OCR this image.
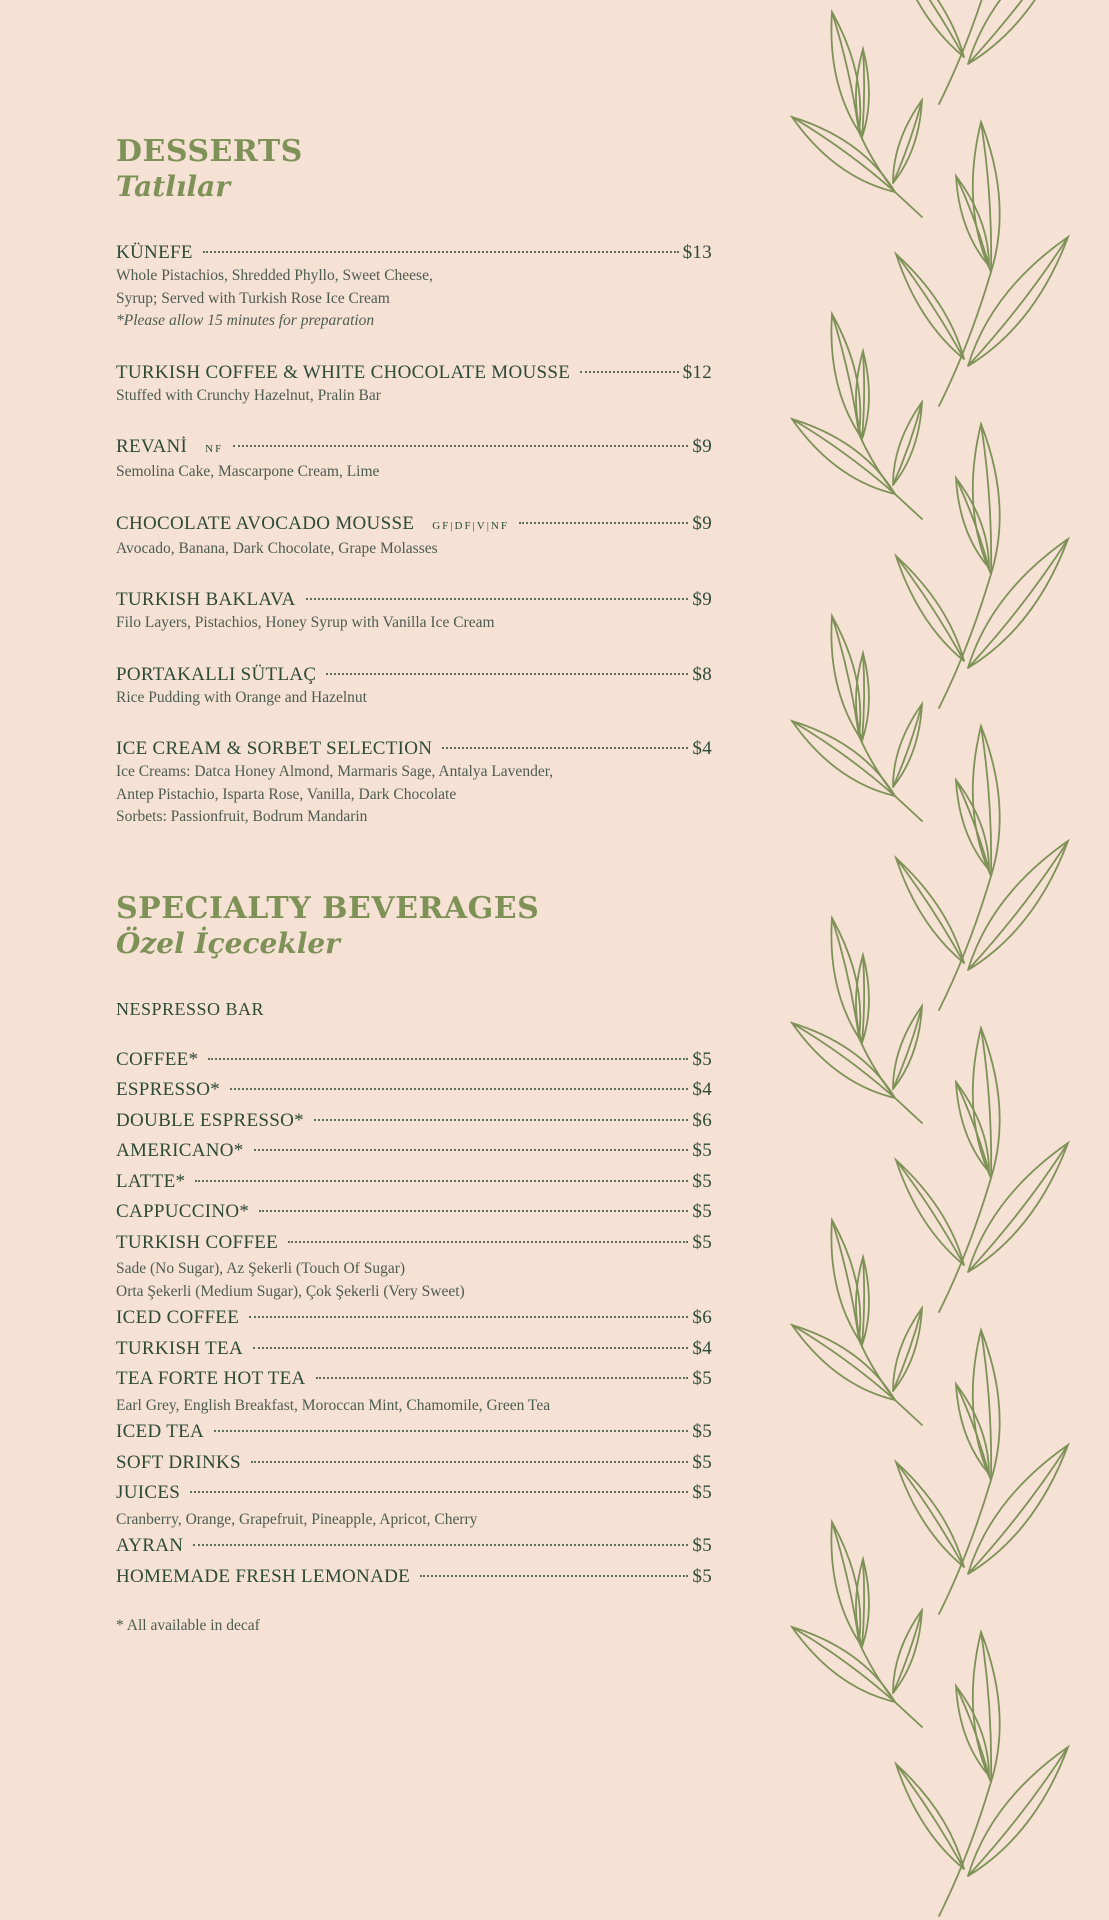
DESSERTS
Tatlılar
KÜNEFE	$13
Whole Pistachios, Shredded Phyllo, Sweet Cheese,
Syrup; Served with Turkish Rose Ice Cream
*Please allow 15 minutes for preparation
TURKISH COFFEE & WHITE CHOCOLATE MOUSSE	$12
Stuffed with Crunchy Hazelnut, Pralin Bar
REVANİ NF	$9
Semolina Cake, Mascarpone Cream, Lime
CHOCOLATE AVOCADO MOUSSE GF|DF|V|NF	$9
Avocado, Banana, Dark Chocolate, Grape Molasses
TURKISH BAKLAVA	$9
Filo Layers, Pistachios, Honey Syrup with Vanilla Ice Cream
PORTAKALLI SÜTLAÇ	$8
Rice Pudding with Orange and Hazelnut
ICE CREAM & SORBET SELECTION	$4
Ice Creams: Datca Honey Almond, Marmaris Sage, Antalya Lavender,
Antep Pistachio, Isparta Rose, Vanilla, Dark Chocolate
Sorbets: Passionfruit, Bodrum Mandarin
SPECIALTY BEVERAGES
Özel İçecekler
NESPRESSO BAR
COFFEE*	$5
ESPRESSO*	$4
DOUBLE ESPRESSO*	$6
AMERICANO*	$5
LATTE*	$5
CAPPUCCINO*	$5
TURKISH COFFEE	$5
Sade (No Sugar), Az Şekerli (Touch Of Sugar)
Orta Şekerli (Medium Sugar), Çok Şekerli (Very Sweet)
ICED COFFEE	$6
TURKISH TEA	$4
TEA FORTE HOT TEA	$5
Earl Grey, English Breakfast, Moroccan Mint, Chamomile, Green Tea
ICED TEA	$5
SOFT DRINKS	$5
JUICES	$5
Cranberry, Orange, Grapefruit, Pineapple, Apricot, Cherry
AYRAN	$5
HOMEMADE FRESH LEMONADE	$5
* All available in decaf
